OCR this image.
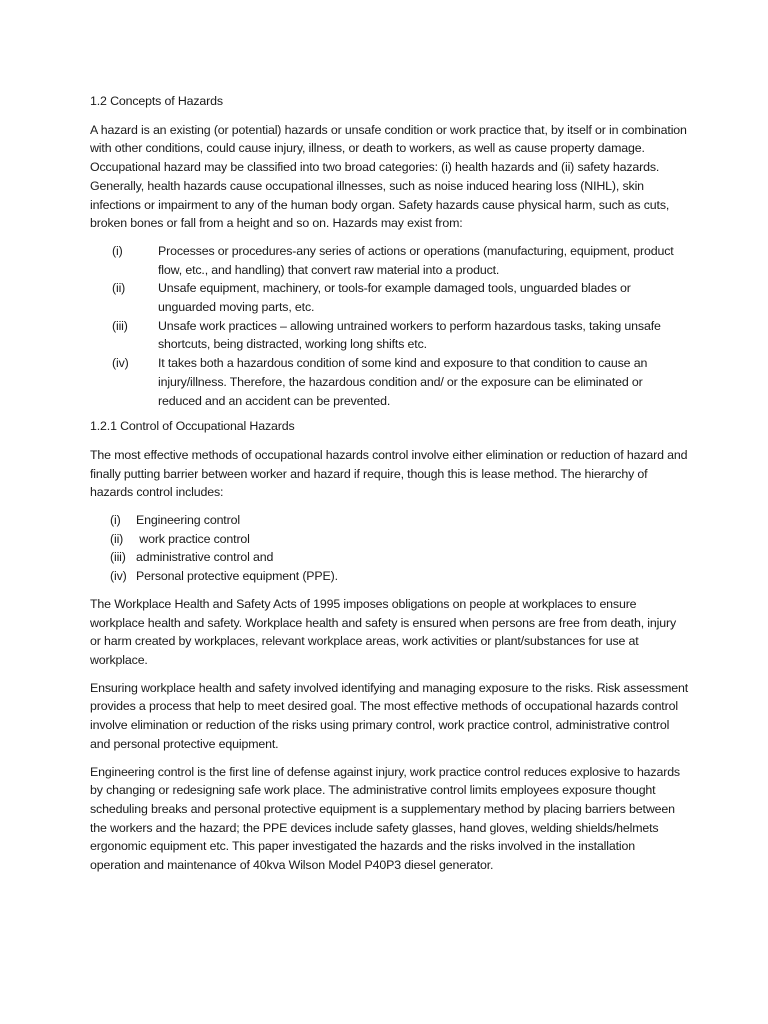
1.2 Concepts of Hazards

A hazard is an existing (or potential) hazards or unsafe condition or work practice that, by itself or in combination with other conditions, could cause injury, illness, or death to workers, as well as cause property damage. Occupational hazard may be classified into two broad categories: (i) health hazards and (ii) safety hazards. Generally, health hazards cause occupational illnesses, such as noise induced hearing loss (NIHL), skin infections or impairment to any of the human body organ. Safety hazards cause physical harm, such as cuts, broken bones or fall from a height and so on. Hazards may exist from:

(i)	Processes or procedures-any series of actions or operations (manufacturing, equipment, product flow, etc., and handling) that convert raw material into a product.
(ii)	Unsafe equipment, machinery, or tools-for example damaged tools, unguarded blades or unguarded moving parts, etc.
(iii)	Unsafe work practices – allowing untrained workers to perform hazardous tasks, taking unsafe shortcuts, being distracted, working long shifts etc.
(iv)	It takes both a hazardous condition of some kind and exposure to that condition to cause an injury/illness. Therefore, the hazardous condition and/ or the exposure can be eliminated or reduced and an accident can be prevented.

1.2.1 Control of Occupational Hazards

The most effective methods of occupational hazards control involve either elimination or reduction of hazard and finally putting barrier between worker and hazard if require, though this is lease method. The hierarchy of hazards control includes:

(i)	Engineering control
(ii)	work practice control
(iii) administrative control and
(iv) Personal protective equipment (PPE).

The Workplace Health and Safety Acts of 1995 imposes obligations on people at workplaces to ensure workplace health and safety. Workplace health and safety is ensured when persons are free from death, injury or harm created by workplaces, relevant workplace areas, work activities or plant/substances for use at workplace.

Ensuring workplace health and safety involved identifying and managing exposure to the risks. Risk assessment provides a process that help to meet desired goal. The most effective methods of occupational hazards control involve elimination or reduction of the risks using primary control, work practice control, administrative control and personal protective equipment.

Engineering control is the first line of defense against injury, work practice control reduces explosive to hazards by changing or redesigning safe work place. The administrative control limits employees exposure thought scheduling breaks and personal protective equipment is a supplementary method by placing barriers between the workers and the hazard; the PPE devices include safety glasses, hand gloves, welding shields/helmets ergonomic equipment etc. This paper investigated the hazards and the risks involved in the installation operation and maintenance of 40kva Wilson Model P40P3 diesel generator.
